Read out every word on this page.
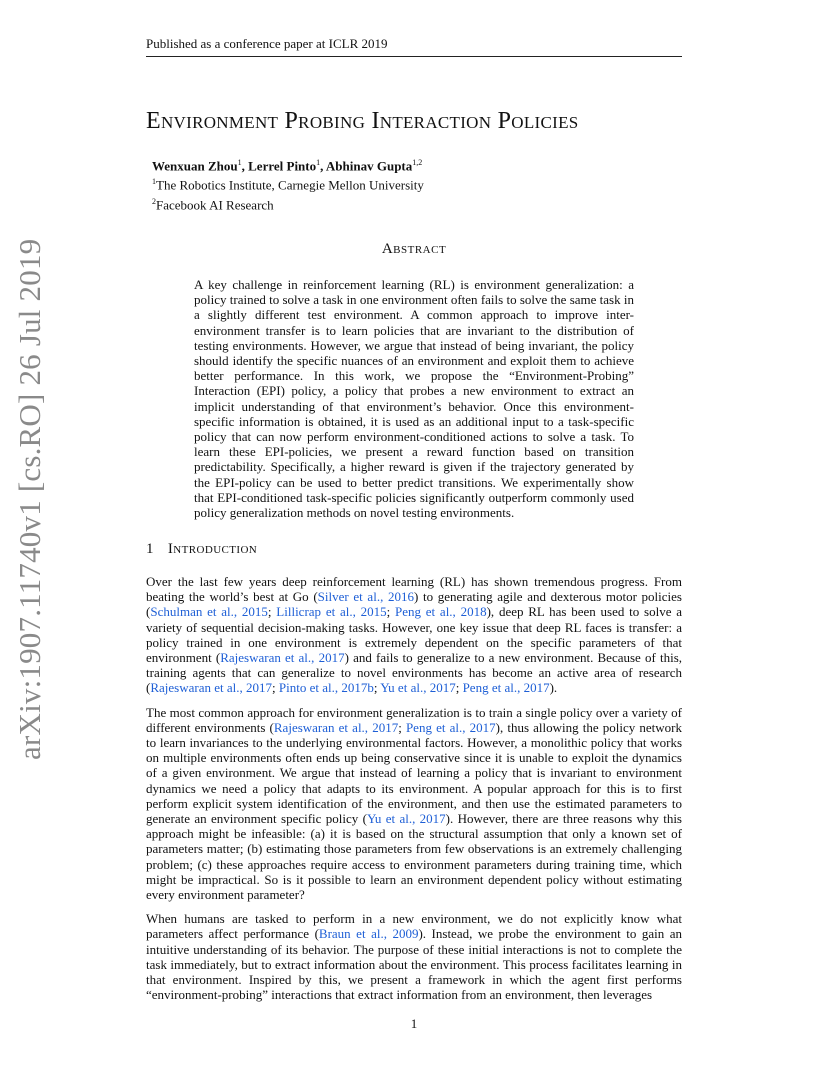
Published as a conference paper at ICLR 2019
arXiv:1907.11740v1 [cs.RO] 26 Jul 2019
Environment Probing Interaction Policies
Wenxuan Zhou$^1$, Lerrel Pinto$^1$, Abhinav Gupta$^{1,2}$
$^1$The Robotics Institute, Carnegie Mellon University
$^2$Facebook AI Research
Abstract
A key challenge in reinforcement learning (RL) is environment generalization: a policy trained to solve a task in one environment often fails to solve the same task in a slightly different test environment. A common approach to improve inter-environment transfer is to learn policies that are invariant to the distribution of testing environments. However, we argue that instead of being invariant, the policy should identify the specific nuances of an environment and exploit them to achieve better performance. In this work, we propose the “Environment-Probing” Interaction (EPI) policy, a policy that probes a new environment to extract an implicit understanding of that environment’s behavior. Once this environment-specific information is obtained, it is used as an additional input to a task-specific policy that can now perform environment-conditioned actions to solve a task. To learn these EPI-policies, we present a reward function based on transition predictability. Specifically, a higher reward is given if the trajectory generated by the EPI-policy can be used to better predict transitions. We experimentally show that EPI-conditioned task-specific policies significantly outperform commonly used policy generalization methods on novel testing environments.
1 Introduction

Over the last few years deep reinforcement learning (RL) has shown tremendous progress. From beating the world’s best at Go (Silver et al., 2016) to generating agile and dexterous motor policies (Schulman et al., 2015; Lillicrap et al., 2015; Peng et al., 2018), deep RL has been used to solve a variety of sequential decision-making tasks. However, one key issue that deep RL faces is transfer: a policy trained in one environment is extremely dependent on the specific parameters of that environment (Rajeswaran et al., 2017) and fails to generalize to a new environment. Because of this, training agents that can generalize to novel environments has become an active area of research (Rajeswaran et al., 2017; Pinto et al., 2017b; Yu et al., 2017; Peng et al., 2017).

The most common approach for environment generalization is to train a single policy over a variety of different environments (Rajeswaran et al., 2017; Peng et al., 2017), thus allowing the policy network to learn invariances to the underlying environmental factors. However, a monolithic policy that works on multiple environments often ends up being conservative since it is unable to exploit the dynamics of a given environment. We argue that instead of learning a policy that is invariant to environment dynamics we need a policy that adapts to its environment. A popular approach for this is to first perform explicit system identification of the environment, and then use the estimated parameters to generate an environment specific policy (Yu et al., 2017). However, there are three reasons why this approach might be infeasible: (a) it is based on the structural assumption that only a known set of parameters matter; (b) estimating those parameters from few observations is an extremely challenging problem; (c) these approaches require access to environment parameters during training time, which might be impractical. So is it possible to learn an environment dependent policy without estimating every environment parameter?

When humans are tasked to perform in a new environment, we do not explicitly know what parameters affect performance (Braun et al., 2009). Instead, we probe the environment to gain an intuitive understanding of its behavior. The purpose of these initial interactions is not to complete the task immediately, but to extract information about the environment. This process facilitates learning in that environment. Inspired by this, we present a framework in which the agent first performs “environment-probing” interactions that extract information from an environment, then leverages

1
